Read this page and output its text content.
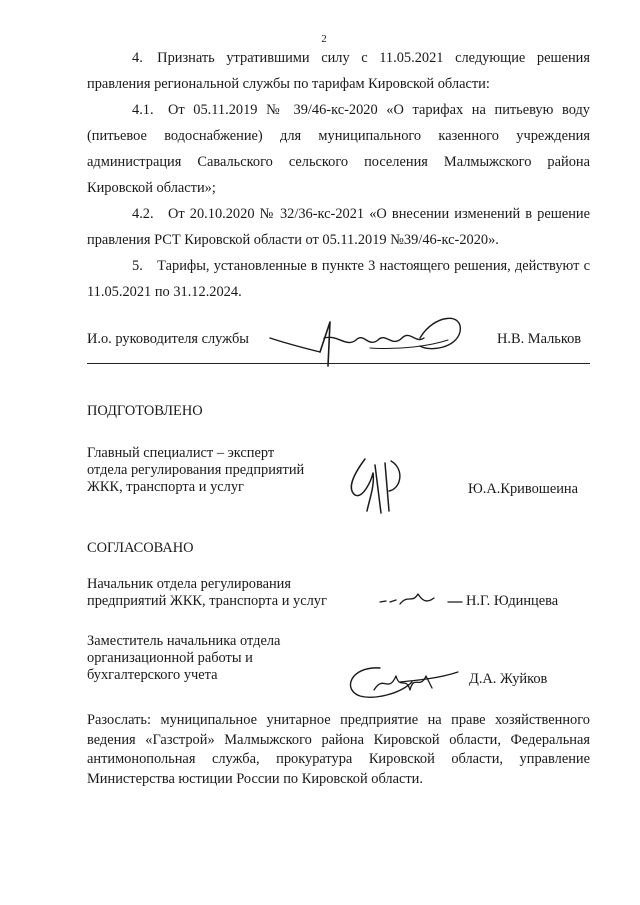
2

4. Признать утратившими силу с 11.05.2021 следующие решения правления региональной службы по тарифам Кировской области:

4.1. От 05.11.2019 № 39/46-кс-2020 «О тарифах на питьевую воду (питьевое водоснабжение) для муниципального казенного учреждения администрация Савальского сельского поселения Малмыжского района Кировской области»;

4.2. От 20.10.2020 № 32/36-кс-2021 «О внесении изменений в решение правления РСТ Кировской области от 05.11.2019 №39/46-кс-2020».

5. Тарифы, установленные в пункте 3 настоящего решения, действуют с 11.05.2021 по 31.12.2024.

И.о. руководителя службы	Н.В. Мальков
ПОДГОТОВЛЕНО
Главный специалист – эксперт
отдела регулирования предприятий
ЖКК, транспорта и услуг	Ю.А.Кривошеина
СОГЛАСОВАНО
Начальник отдела регулирования
предприятий ЖКК, транспорта и услуг	Н.Г. Юдинцева
Заместитель начальника отдела
организационной работы и
бухгалтерского учета	Д.А. Жуйков

Разослать: муниципальное унитарное предприятие на праве хозяйственного ведения «Газстрой» Малмыжского района Кировской области, Федеральная антимонопольная служба, прокуратура Кировской области, управление Министерства юстиции России по Кировской области.
